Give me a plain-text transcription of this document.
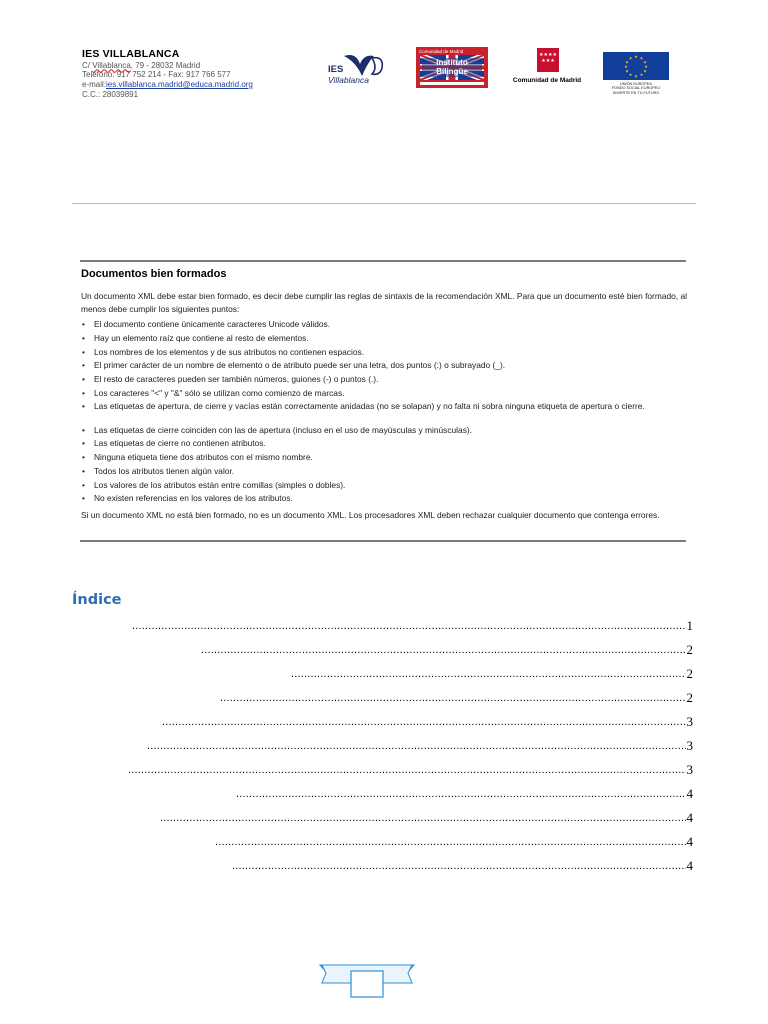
IES VILLABLANCA
C/ Villablanca, 79 - 28032 Madrid
Teléfono: 917 752 214 - Fax: 917 766 577
e-mail:ies.villablanca.madrid@educa.madrid.org
C.C.: 28039891
IES
Villablanca
Comunidad de Madrid
Instituto
Bilingüe
★★★★
★★★
Comunidad de Madrid
★ ★
★
★
★
★
★
★
★
★
★
★
UNIÓN EUROPEA
FONDO SOCIAL EUROPEO
INVIERTE EN TU FUTURO
Documentos bien formados
Un documento XML debe estar bien formado, es decir debe cumplir las reglas de sintaxis de la recomendación XML. Para que un documento esté bien formado, al menos debe cumplir los siguientes puntos:
• El documento contiene únicamente caracteres Unicode válidos.
• Hay un elemento raíz que contiene al resto de elementos.
• Los nombres de los elementos y de sus atributos no contienen espacios.
• El primer carácter de un nombre de elemento o de atributo puede ser una letra, dos puntos (:) o subrayado (_).
• El resto de caracteres pueden ser también números, guiones (-) o puntos (.).
• Los caracteres "<" y "&" sólo se utilizan como comienzo de marcas.
• Las etiquetas de apertura, de cierre y vacías están correctamente anidadas (no se solapan) y no falta ni sobra ninguna etiqueta de apertura o cierre.
• Las etiquetas de cierre coinciden con las de apertura (incluso en el uso de mayúsculas y minúsculas).
• Las etiquetas de cierre no contienen atributos.
• Ninguna etiqueta tiene dos atributos con el mismo nombre.
• Todos los atributos tienen algún valor.
• Los valores de los atributos están entre comillas (simples o dobles).
• No existen referencias en los valores de los atributos.
Si un documento XML no está bien formado, no es un documento XML. Los procesadores XML deben rechazar cualquier documento que contenga errores.
Índice
.....
1
.....
2
.....
2
.....
2
.....
3
.....
3
.....
3
.....
4
.....
4
.....
4
.....
4
